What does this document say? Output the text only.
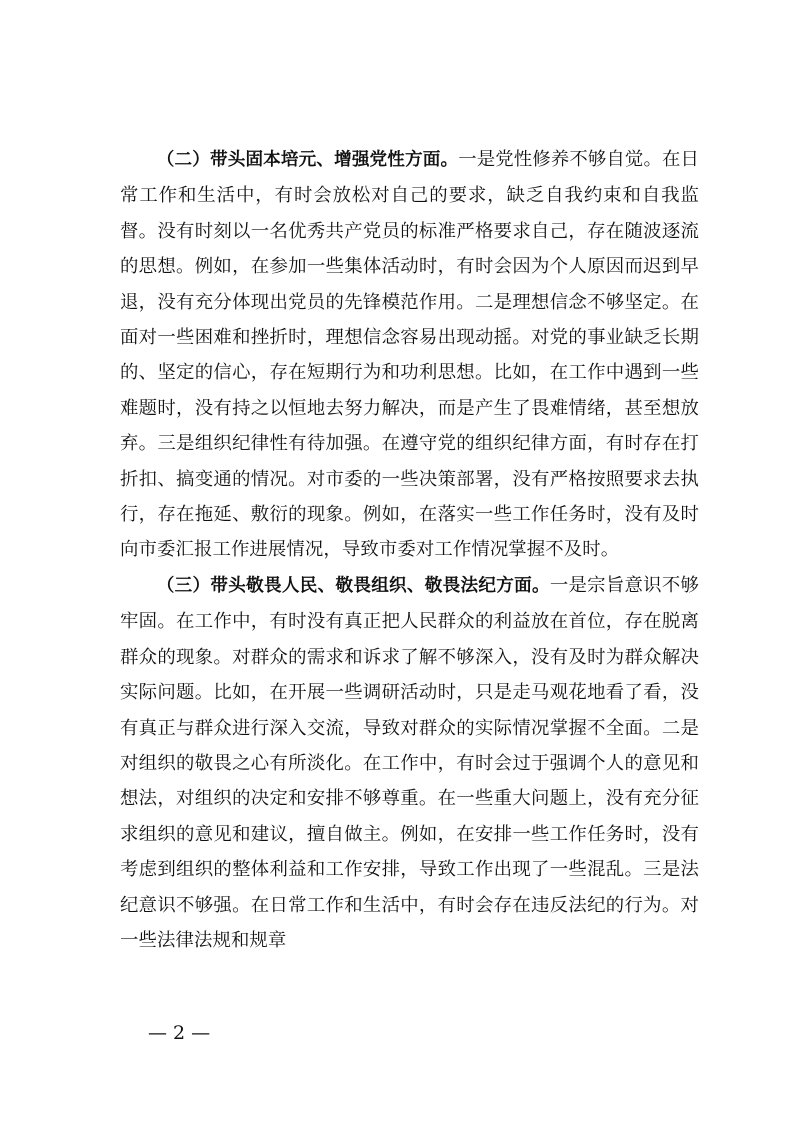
（二）带头固本培元、增强党性方面。一是党性修养不够自觉。在日常工作和生活中，有时会放松对自己的要求，缺乏自我约束和自我监督。没有时刻以一名优秀共产党员的标准严格要求自己，存在随波逐流的思想。例如，在参加一些集体活动时，有时会因为个人原因而迟到早退，没有充分体现出党员的先锋模范作用。二是理想信念不够坚定。在面对一些困难和挫折时，理想信念容易出现动摇。对党的事业缺乏长期的、坚定的信心，存在短期行为和功利思想。比如，在工作中遇到一些难题时，没有持之以恒地去努力解决，而是产生了畏难情绪，甚至想放弃。三是组织纪律性有待加强。在遵守党的组织纪律方面，有时存在打折扣、搞变通的情况。对市委的一些决策部署，没有严格按照要求去执行，存在拖延、敷衍的现象。例如，在落实一些工作任务时，没有及时向市委汇报工作进展情况，导致市委对工作情况掌握不及时。

（三）带头敬畏人民、敬畏组织、敬畏法纪方面。一是宗旨意识不够牢固。在工作中，有时没有真正把人民群众的利益放在首位，存在脱离群众的现象。对群众的需求和诉求了解不够深入，没有及时为群众解决实际问题。比如，在开展一些调研活动时，只是走马观花地看了看，没有真正与群众进行深入交流，导致对群众的实际情况掌握不全面。二是对组织的敬畏之心有所淡化。在工作中，有时会过于强调个人的意见和想法，对组织的决定和安排不够尊重。在一些重大问题上，没有充分征求组织的意见和建议，擅自做主。例如，在安排一些工作任务时，没有考虑到组织的整体利益和工作安排，导致工作出现了一些混乱。三是法纪意识不够强。在日常工作和生活中，有时会存在违反法纪的行为。对一些法律法规和规章

— 2 —
